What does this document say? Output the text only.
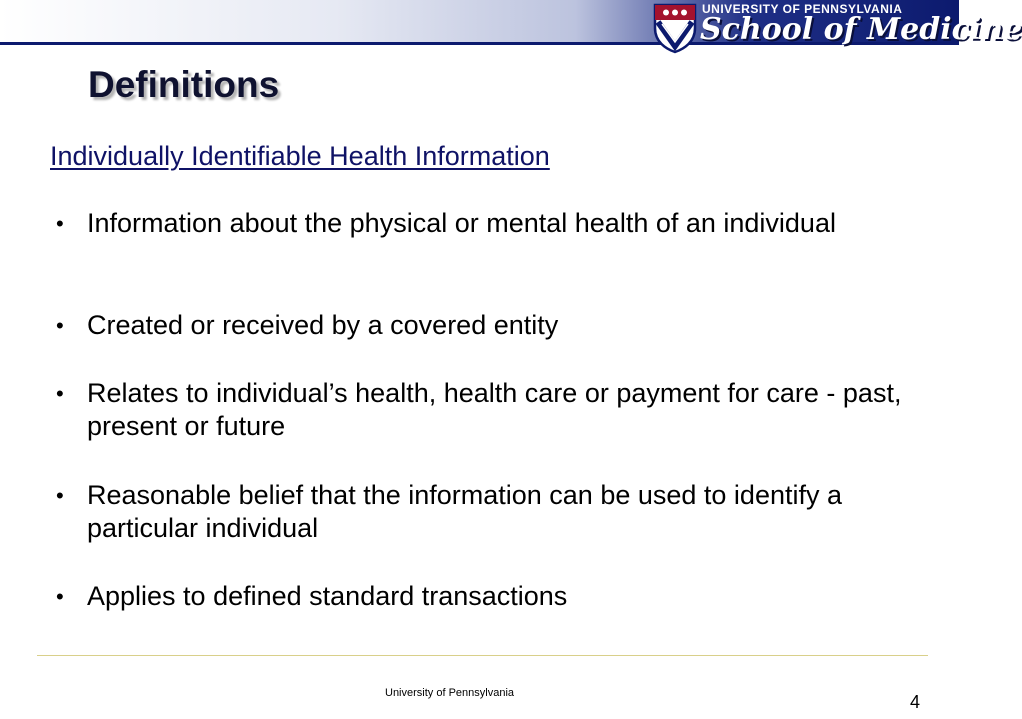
UNIVERSITY OF PENNSYLVANIA
School of Medicine
Definitions
Individually Identifiable Health Information
• Information about the physical or mental health of an individual
• Created or received by a covered entity
• Relates to individual’s health, health care or payment for care - past, present or future
• Reasonable belief that the information can be used to identify a particular individual
• Applies to defined standard transactions
University of Pennsylvania	4
